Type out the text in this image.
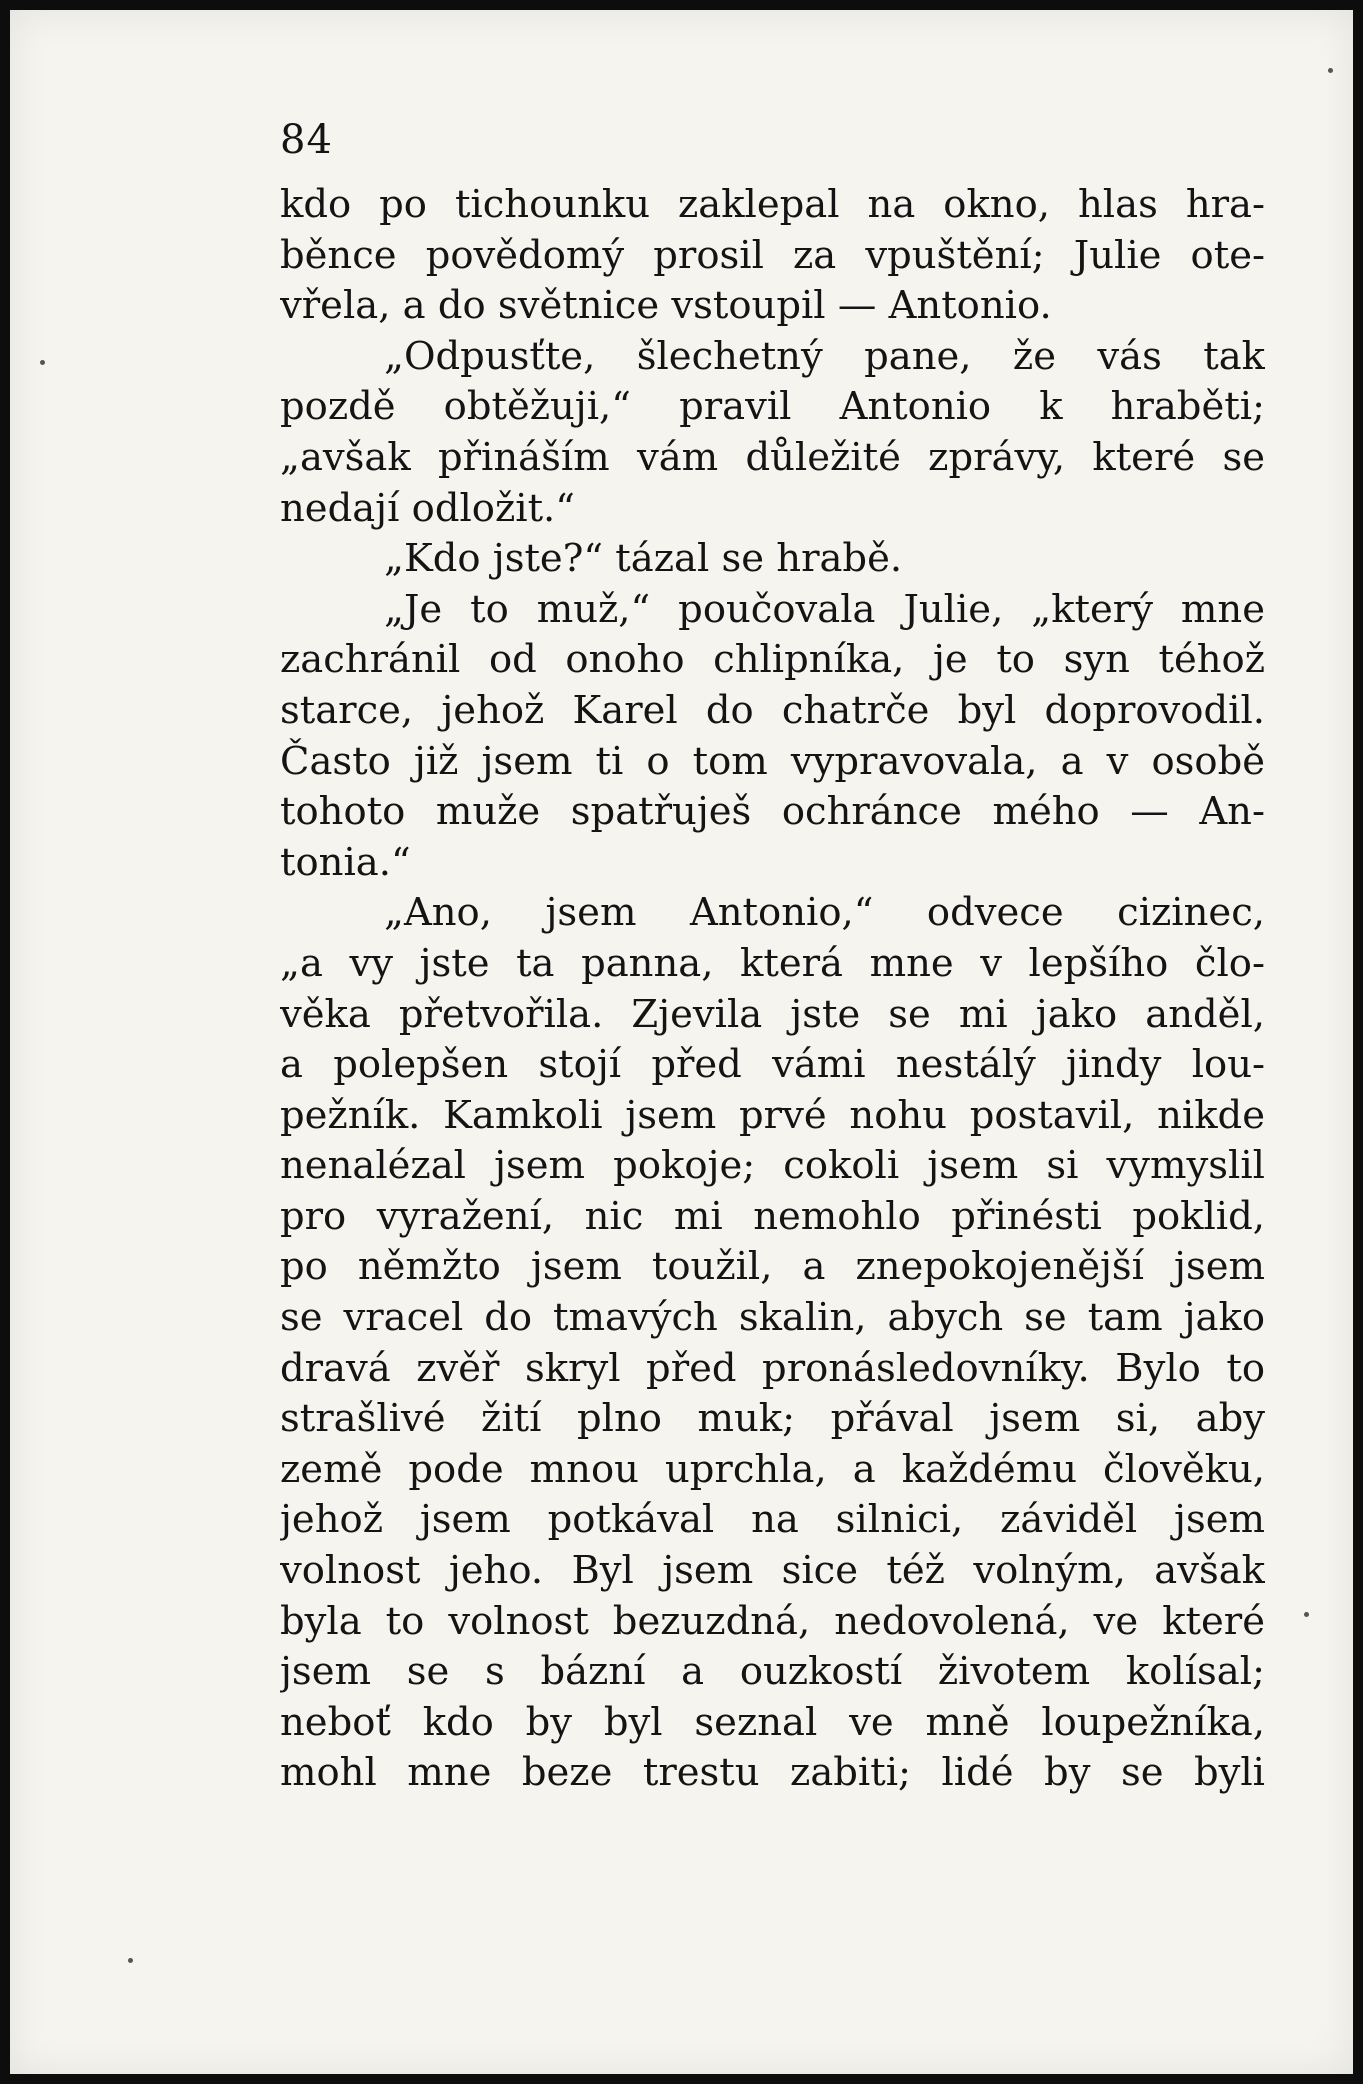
84
kdo po tichounku zaklepal na okno, hlas hra-
běnce povědomý prosil za vpuštění; Julie ote-
vřela, a do světnice vstoupil — Antonio.
„Odpusťte, šlechetný pane, že vás tak
pozdě obtěžuji,“ pravil Antonio k hraběti;
„avšak přináším vám důležité zprávy, které se
nedají odložit.“
„Kdo jste?“ tázal se hrabě.
„Je to muž,“ poučovala Julie, „který mne
zachránil od onoho chlipníka, je to syn téhož
starce, jehož Karel do chatrče byl doprovodil.
Často již jsem ti o tom vypravovala, a v osobě
tohoto muže spatřuješ ochránce mého — An-
tonia.“
„Ano, jsem Antonio,“ odvece cizinec,
„a vy jste ta panna, která mne v lepšího člo-
věka přetvořila. Zjevila jste se mi jako anděl,
a polepšen stojí před vámi nestálý jindy lou-
pežník. Kamkoli jsem prvé nohu postavil, nikde
nenalézal jsem pokoje; cokoli jsem si vymyslil
pro vyražení, nic mi nemohlo přinésti poklid,
po němžto jsem toužil, a znepokojenější jsem
se vracel do tmavých skalin, abych se tam jako
dravá zvěř skryl před pronásledovníky. Bylo to
strašlivé žití plno muk; přával jsem si, aby
země pode mnou uprchla, a každému člověku,
jehož jsem potkával na silnici, záviděl jsem
volnost jeho. Byl jsem sice též volným, avšak
byla to volnost bezuzdná, nedovolená, ve které
jsem se s bázní a ouzkostí životem kolísal;
neboť kdo by byl seznal ve mně loupežníka,
mohl mne beze trestu zabiti; lidé by se byli
